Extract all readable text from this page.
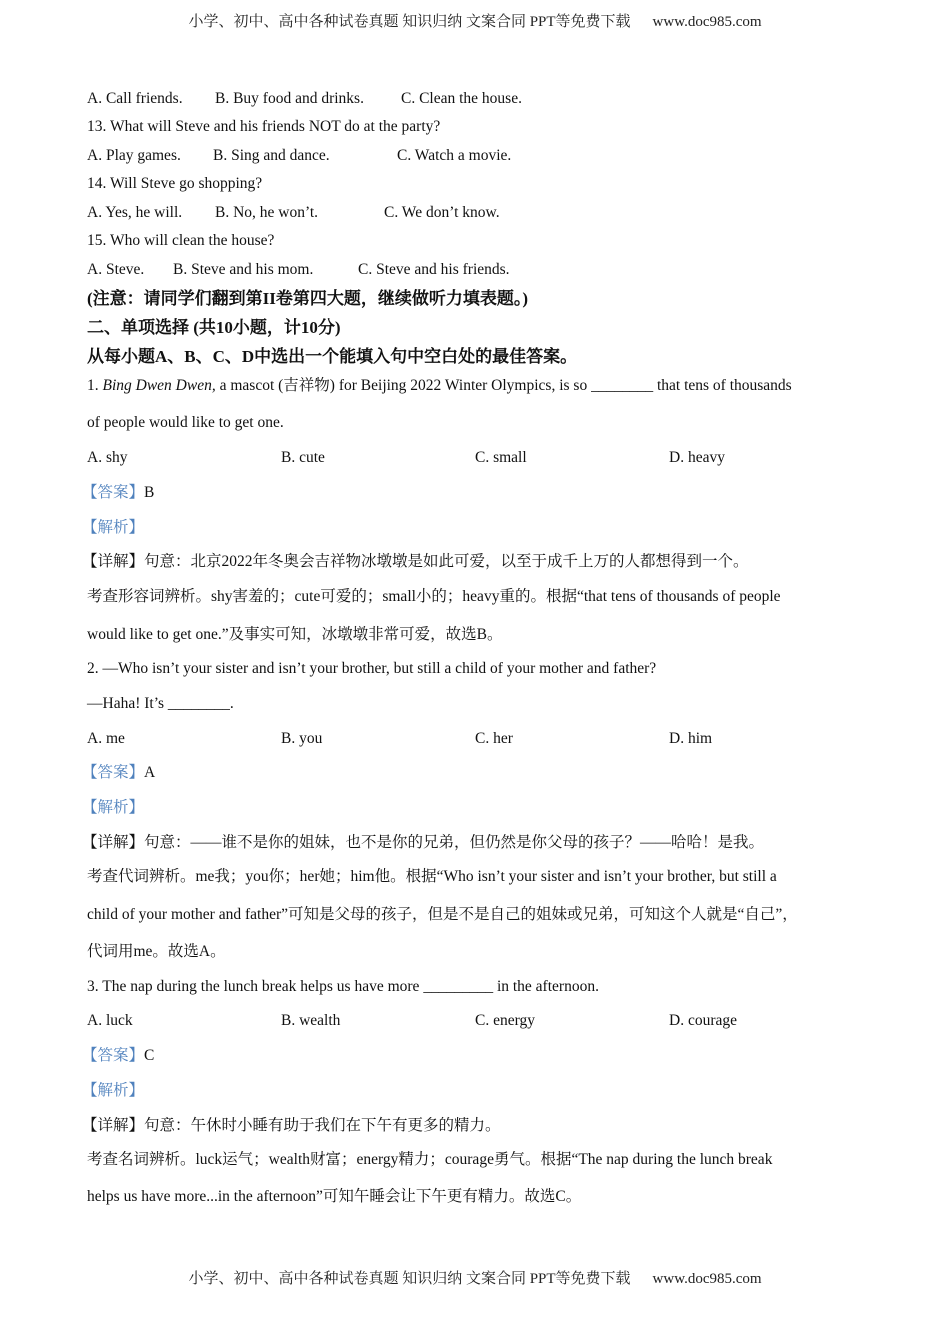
小学、初中、高中各种试卷真题 知识归纳 文案合同 PPT等免费下载 www.doc985.com
A. Call friends. B. Buy food and drinks. C. Clean the house.
13. What will Steve and his friends NOT do at the party?
A. Play games. B. Sing and dance.	C. Watch a movie.
14. Will Steve go shopping?
A. Yes, he will. B. No, he won’t.	C. We don’t know.
15. Who will clean the house?
A. Steve. B. Steve and his mom.	C. Steve and his friends.
(注意：请同学们翻到第II卷第四大题，继续做听力填表题。)
二、单项选择 (共10小题，计10分)
从每小题A、B、C、D中选出一个能填入句中空白处的最佳答案。
1. Bing Dwen Dwen, a mascot (吉祥物) for Beijing 2022 Winter Olympics, is so ________ that tens of thousands
of people would like to get one.
A. shy	B. cute	C. small	D. heavy
【答案】B
【解析】
【详解】句意：北京2022年冬奥会吉祥物冰墩墩是如此可爱，以至于成千上万的人都想得到一个。
考查形容词辨析。shy害羞的；cute可爱的；small小的；heavy重的。根据“that tens of thousands of people
would like to get one.”及事实可知，冰墩墩非常可爱，故选B。
2. —Who isn’t your sister and isn’t your brother, but still a child of your mother and father?
—Haha! It’s ________.
A. me	B. you	C. her	D. him
【答案】A
【解析】
【详解】句意：——谁不是你的姐妹，也不是你的兄弟，但仍然是你父母的孩子？——哈哈！是我。
考查代词辨析。me我；you你；her她；him他。根据“Who isn’t your sister and isn’t your brother, but still a
child of your mother and father”可知是父母的孩子，但是不是自己的姐妹或兄弟，可知这个人就是“自己”，
代词用me。故选A。
3. The nap during the lunch break helps us have more _________ in the afternoon.
A. luck	B. wealth	C. energy	D. courage
【答案】C
【解析】
【详解】句意：午休时小睡有助于我们在下午有更多的精力。
考查名词辨析。luck运气；wealth财富；energy精力；courage勇气。根据“The nap during the lunch break
helps us have more...in the afternoon”可知午睡会让下午更有精力。故选C。
小学、初中、高中各种试卷真题 知识归纳 文案合同 PPT等免费下载 www.doc985.com
